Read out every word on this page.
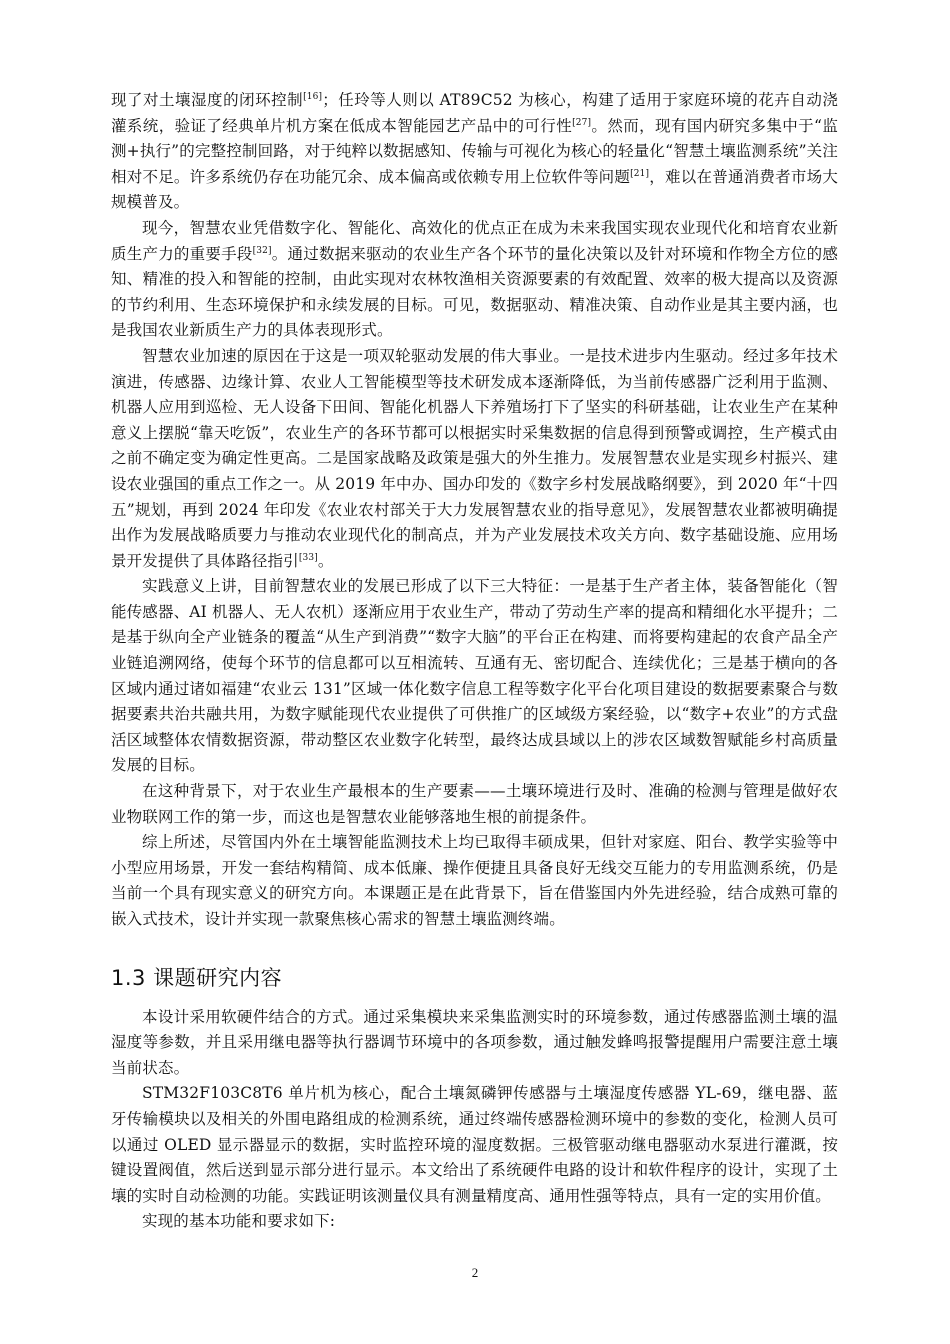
现了对土壤湿度的闭环控制[16]；任玲等人则以 AT89C52 为核心，构建了适用于家庭环境的花卉自动浇灌系统，验证了经典单片机方案在低成本智能园艺产品中的可行性[27]。然而，现有国内研究多集中于“监测+执行”的完整控制回路，对于纯粹以数据感知、传输与可视化为核心的轻量化“智慧土壤监测系统”关注相对不足。许多系统仍存在功能冗余、成本偏高或依赖专用上位软件等问题[21]，难以在普通消费者市场大规模普及。

现今，智慧农业凭借数字化、智能化、高效化的优点正在成为未来我国实现农业现代化和培育农业新质生产力的重要手段[32]。通过数据来驱动的农业生产各个环节的量化决策以及针对环境和作物全方位的感知、精准的投入和智能的控制，由此实现对农林牧渔相关资源要素的有效配置、效率的极大提高以及资源的节约利用、生态环境保护和永续发展的目标。可见，数据驱动、精准决策、自动作业是其主要内涵，也是我国农业新质生产力的具体表现形式。

智慧农业加速的原因在于这是一项双轮驱动发展的伟大事业。一是技术进步内生驱动。经过多年技术演进，传感器、边缘计算、农业人工智能模型等技术研发成本逐渐降低，为当前传感器广泛利用于监测、机器人应用到巡检、无人设备下田间、智能化机器人下养殖场打下了坚实的科研基础，让农业生产在某种意义上摆脱“靠天吃饭”，农业生产的各环节都可以根据实时采集数据的信息得到预警或调控，生产模式由之前不确定变为确定性更高。二是国家战略及政策是强大的外生推力。发展智慧农业是实现乡村振兴、建设农业强国的重点工作之一。从 2019 年中办、国办印发的《数字乡村发展战略纲要》，到 2020 年“十四五”规划，再到 2024 年印发《农业农村部关于大力发展智慧农业的指导意见》，发展智慧农业都被明确提出作为发展战略质要力与推动农业现代化的制高点，并为产业发展技术攻关方向、数字基础设施、应用场景开发提供了具体路径指引[33]。

实践意义上讲，目前智慧农业的发展已形成了以下三大特征：一是基于生产者主体，装备智能化（智能传感器、AI 机器人、无人农机）逐渐应用于农业生产，带动了劳动生产率的提高和精细化水平提升；二是基于纵向全产业链条的覆盖“从生产到消费”“数字大脑”的平台正在构建、而将要构建起的农食产品全产业链追溯网络，使每个环节的信息都可以互相流转、互通有无、密切配合、连续优化；三是基于横向的各区域内通过诸如福建“农业云 131”区域一体化数字信息工程等数字化平台化项目建设的数据要素聚合与数据要素共治共融共用，为数字赋能现代农业提供了可供推广的区域级方案经验，以“数字+农业”的方式盘活区域整体农情数据资源，带动整区农业数字化转型，最终达成县域以上的涉农区域数智赋能乡村高质量发展的目标。

在这种背景下，对于农业生产最根本的生产要素——土壤环境进行及时、准确的检测与管理是做好农业物联网工作的第一步，而这也是智慧农业能够落地生根的前提条件。

综上所述，尽管国内外在土壤智能监测技术上均已取得丰硕成果，但针对家庭、阳台、教学实验等中小型应用场景，开发一套结构精简、成本低廉、操作便捷且具备良好无线交互能力的专用监测系统，仍是当前一个具有现实意义的研究方向。本课题正是在此背景下，旨在借鉴国内外先进经验，结合成熟可靠的嵌入式技术，设计并实现一款聚焦核心需求的智慧土壤监测终端。

1.3 课题研究内容

本设计采用软硬件结合的方式。通过采集模块来采集监测实时的环境参数，通过传感器监测土壤的温湿度等参数，并且采用继电器等执行器调节环境中的各项参数，通过触发蜂鸣报警提醒用户需要注意土壤当前状态。

STM32F103C8T6 单片机为核心，配合土壤氮磷钾传感器与土壤湿度传感器 YL-69，继电器、蓝牙传输模块以及相关的外围电路组成的检测系统，通过终端传感器检测环境中的参数的变化，检测人员可以通过 OLED 显示器显示的数据，实时监控环境的湿度数据。三极管驱动继电器驱动水泵进行灌溉，按键设置阀值，然后送到显示部分进行显示。本文给出了系统硬件电路的设计和软件程序的设计，实现了土壤的实时自动检测的功能。实践证明该测量仪具有测量精度高、通用性强等特点，具有一定的实用价值。

实现的基本功能和要求如下:

2
